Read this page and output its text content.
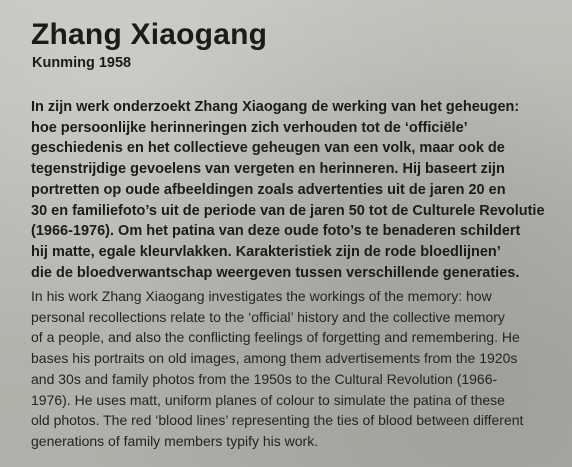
Zhang Xiaogang
Kunming 1958
In zijn werk onderzoekt Zhang Xiaogang de werking van het geheugen:
hoe persoonlijke herinneringen zich verhouden tot de ‘officiële’
geschiedenis en het collectieve geheugen van een volk, maar ook de
tegenstrijdige gevoelens van vergeten en herinneren. Hij baseert zijn
portretten op oude afbeeldingen zoals advertenties uit de jaren 20 en
30 en familiefoto’s uit de periode van de jaren 50 tot de Culturele Revolutie
(1966-1976). Om het patina van deze oude foto’s te benaderen schildert
hij matte, egale kleurvlakken. Karakteristiek zijn de rode bloedlijnen’
die de bloedverwantschap weergeven tussen verschillende generaties.
In his work Zhang Xiaogang investigates the workings of the memory: how
personal recollections relate to the ‘official’ history and the collective memory
of a people, and also the conflicting feelings of forgetting and remembering. He
bases his portraits on old images, among them advertisements from the 1920s
and 30s and family photos from the 1950s to the Cultural Revolution (1966-
1976). He uses matt, uniform planes of colour to simulate the patina of these
old photos. The red ‘blood lines’ representing the ties of blood between different
generations of family members typify his work.
